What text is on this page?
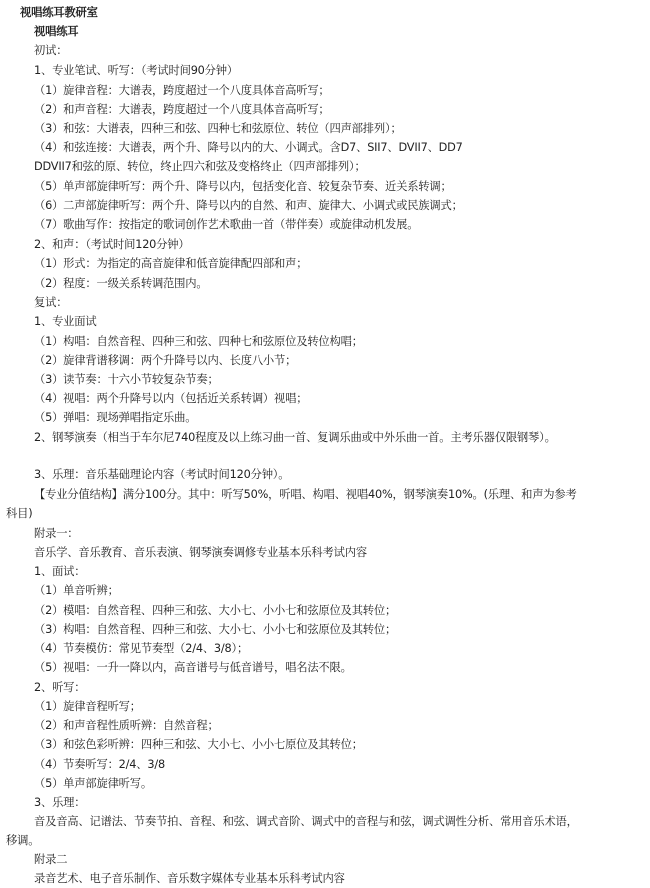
视唱练耳教研室
视唱练耳
初试：
1、专业笔试、听写：（考试时间90分钟）
（1）旋律音程：大谱表，跨度超过一个八度具体音高听写；
（2）和声音程：大谱表，跨度超过一个八度具体音高听写；
（3）和弦：大谱表，四种三和弦、四种七和弦原位、转位（四声部排列）；
（4）和弦连接：大谱表，两个升、降号以内的大、小调式。含D7、SII7、DVII7、DD7
DDVII7和弦的原、转位，终止四六和弦及变格终止（四声部排列）；
（5）单声部旋律听写：两个升、降号以内，包括变化音、较复杂节奏、近关系转调；
（6）二声部旋律听写：两个升、降号以内的自然、和声、旋律大、小调式或民族调式；
（7）歌曲写作：按指定的歌词创作艺术歌曲一首（带伴奏）或旋律动机发展。
2、和声：（考试时间120分钟）
（1）形式：为指定的高音旋律和低音旋律配四部和声；
（2）程度：一级关系转调范围内。
复试：
1、专业面试
（1）构唱：自然音程、四种三和弦、四种七和弦原位及转位构唱；
（2）旋律背谱移调：两个升降号以内、长度八小节；
（3）读节奏：十六小节较复杂节奏；
（4）视唱：两个升降号以内（包括近关系转调）视唱；
（5）弹唱：现场弹唱指定乐曲。
2、钢琴演奏（相当于车尔尼740程度及以上练习曲一首、复调乐曲或中外乐曲一首。主考乐器仅限钢琴）。
3、乐理：音乐基础理论内容（考试时间120分钟）。
【专业分值结构】满分100分。其中：听写50%，听唱、构唱、视唱40%，钢琴演奏10%。(乐理、和声为参考
科目)
附录一：
音乐学、音乐教育、音乐表演、钢琴演奏调修专业基本乐科考试内容
1、面试：
（1）单音听辨；
（2）模唱：自然音程、四种三和弦、大小七、小小七和弦原位及其转位；
（3）构唱：自然音程、四种三和弦、大小七、小小七和弦原位及其转位；
（4）节奏模仿：常见节奏型（2/4、3/8）；
（5）视唱：一升一降以内，高音谱号与低音谱号，唱名法不限。
2、听写：
（1）旋律音程听写；
（2）和声音程性质听辨：自然音程；
（3）和弦色彩听辨：四种三和弦、大小七、小小七原位及其转位；
（4）节奏听写：2/4、3/8
（5）单声部旋律听写。
3、乐理：
音及音高、记谱法、节奏节拍、音程、和弦、调式音阶、调式中的音程与和弦，调式调性分析、常用音乐术语，
移调。
附录二
录音艺术、电子音乐制作、音乐数字媒体专业基本乐科考试内容
